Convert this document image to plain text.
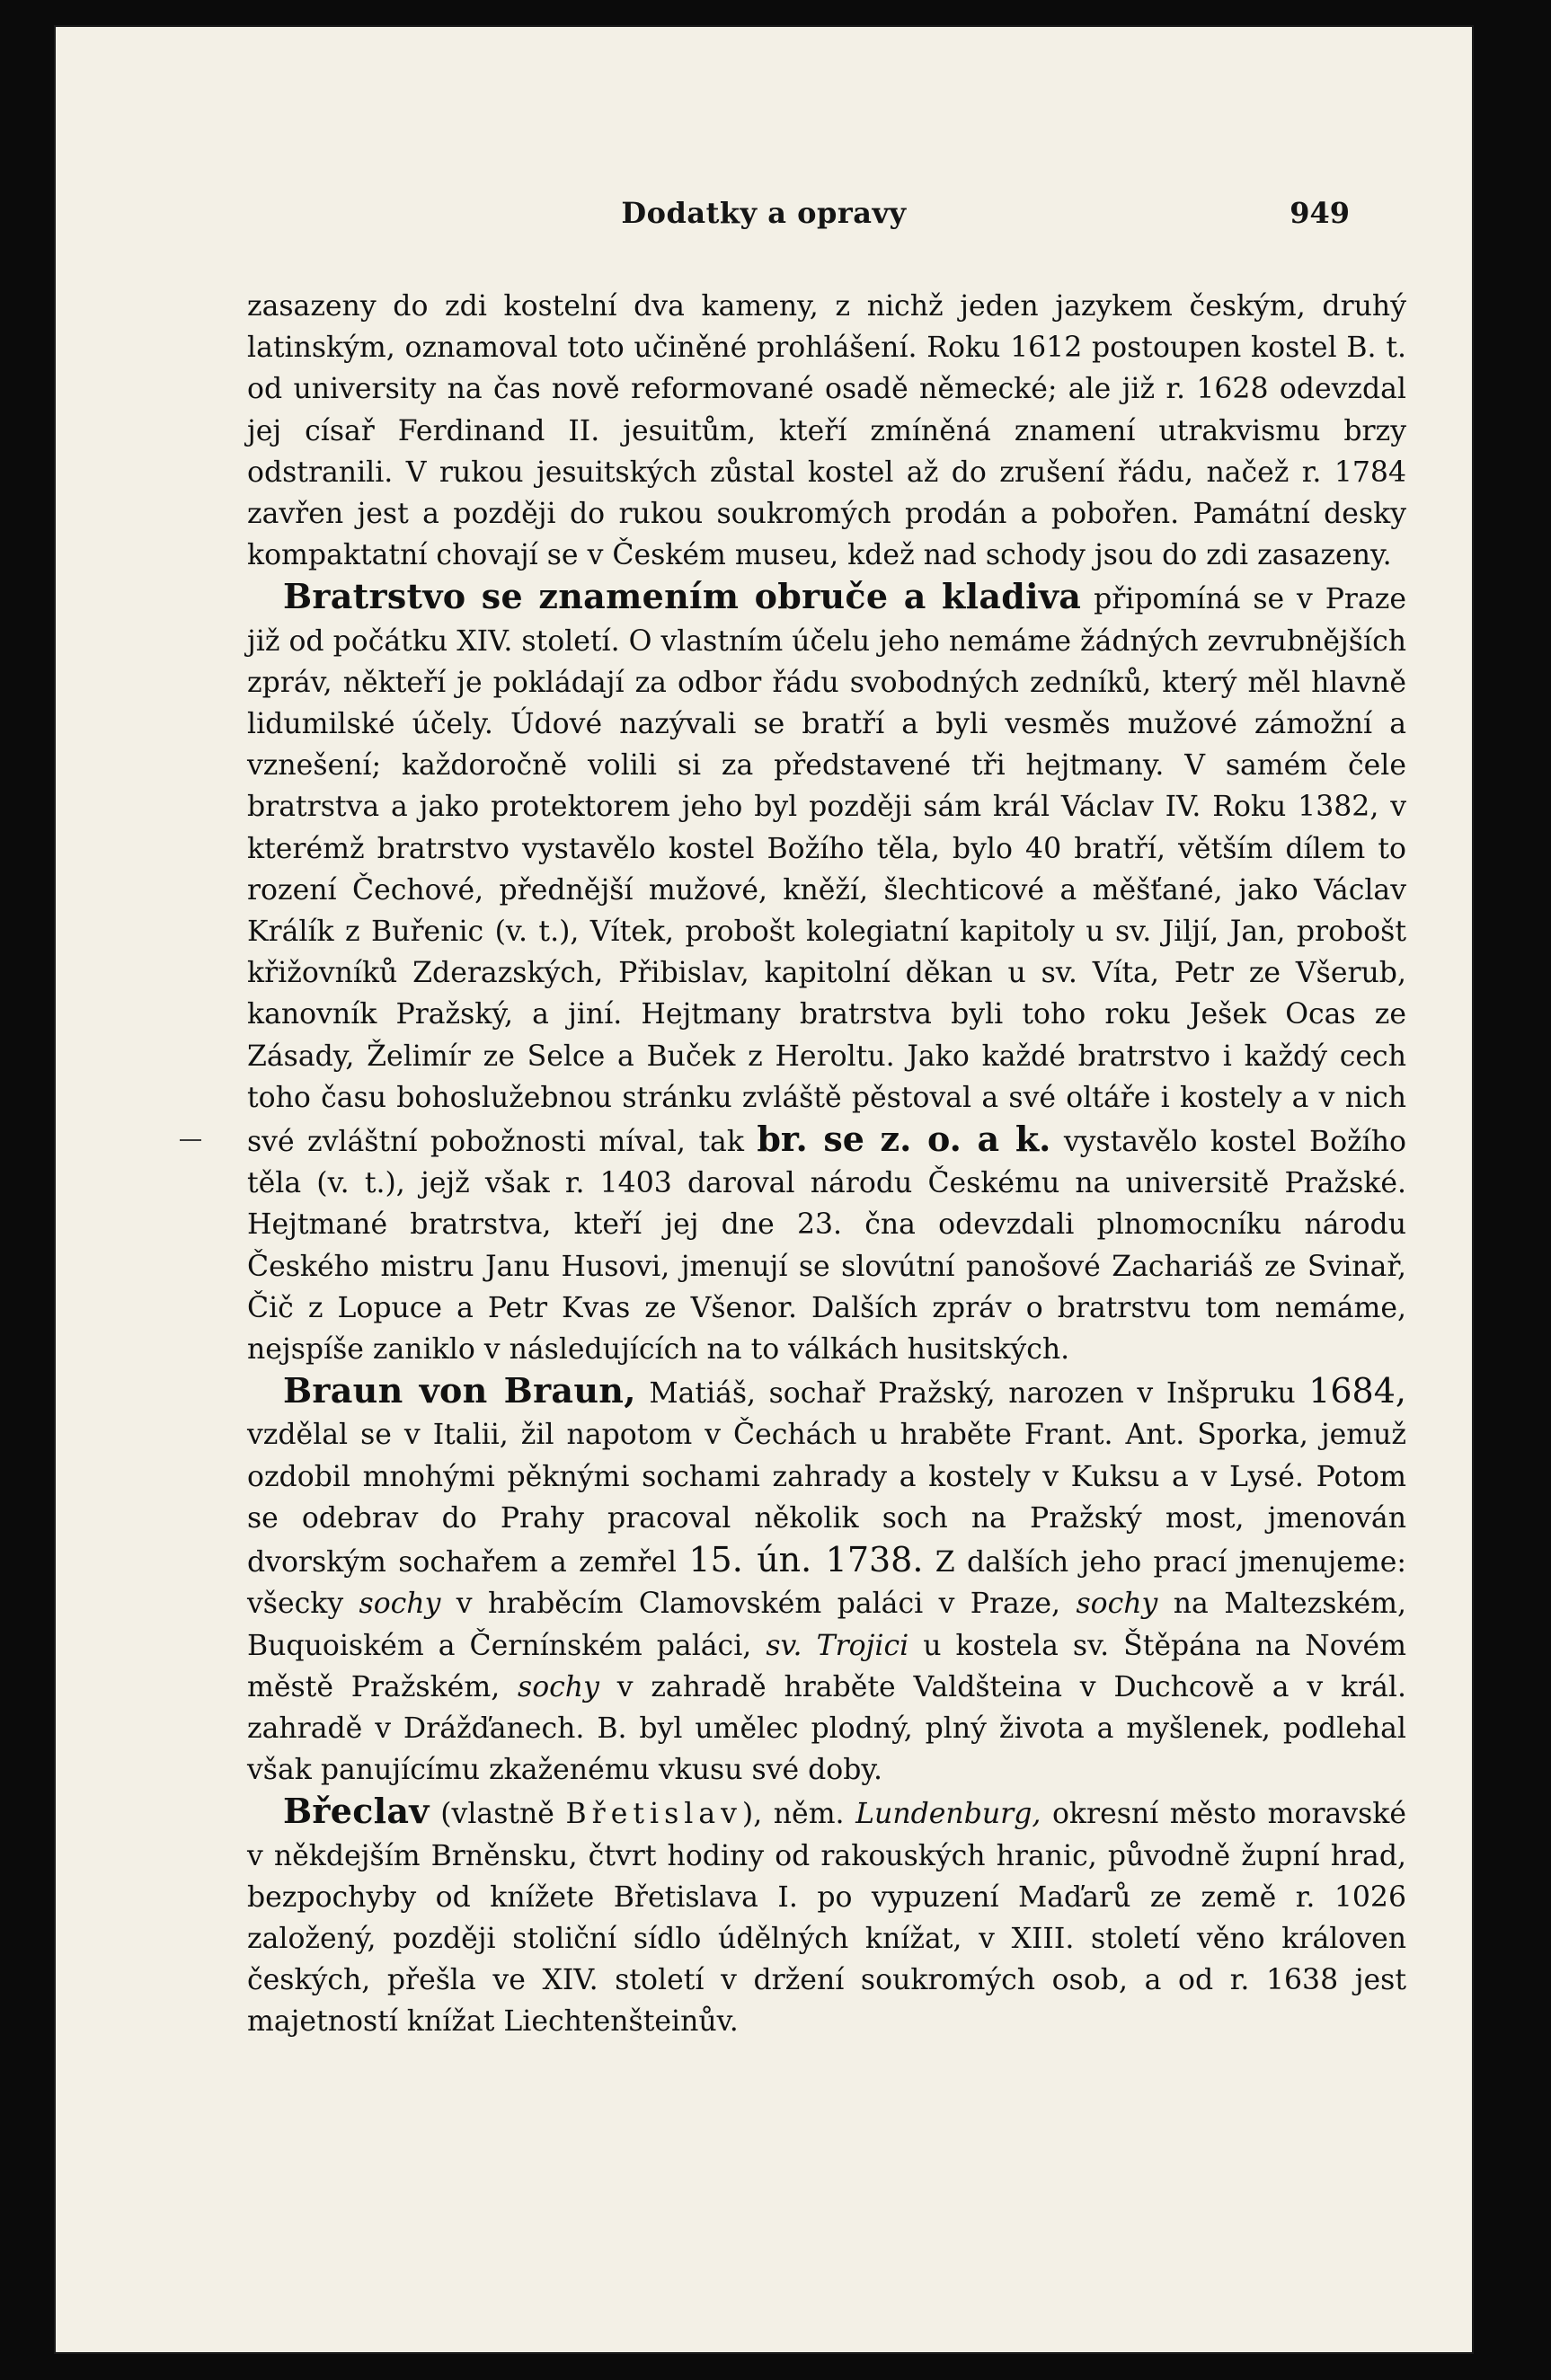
Dodatky a opravy	949

zasazeny do zdi kostelní dva kameny, z nichž jeden jazykem českým, druhý latinským, oznamoval toto učiněné prohlášení. Roku 1612 postoupen kostel B. t. od university na čas nově reformované osadě německé; ale již r. 1628 odevzdal jej císař Ferdinand II. jesuitům, kteří zmíněná znamení utrakvismu brzy odstranili. V rukou jesuitských zůstal kostel až do zrušení řádu, načež r. 1784 zavřen jest a později do rukou soukromých prodán a pobořen. Památní desky kompaktatní chovají se v Českém museu, kdež nad schody jsou do zdi zasazeny.

Bratrstvo se znamením obruče a kladiva připomíná se v Praze již od počátku XIV. století. O vlastním účelu jeho nemáme žádných zevrubnějších zpráv, někteří je pokládají za odbor řádu svobodných zedníků, který měl hlavně lidumilské účely. Údové nazývali se bratří a byli vesměs mužové zámožní a vznešení; každoročně volili si za představené tři hejtmany. V samém čele bratrstva a jako protektorem jeho byl později sám král Václav IV. Roku 1382, v kterémž bratrstvo vystavělo kostel Božího těla, bylo 40 bratří, větším dílem to rození Čechové, přednější mužové, kněží, šlechticové a měšťané, jako Václav Králík z Buřenic (v. t.), Vítek, probošt kolegiatní kapitoly u sv. Jiljí, Jan, probošt křižovníků Zderazských, Přibislav, kapitolní děkan u sv. Víta, Petr ze Všerub, kanovník Pražský, a jiní. Hejtmany bratrstva byli toho roku Ješek Ocas ze Zásady, Želimír ze Selce a Buček z Heroltu. Jako každé bratrstvo i každý cech toho času bohoslužebnou stránku zvláště pěstoval a své oltáře i kostely a v nich své zvláštní pobožnosti míval, tak br. se z. o. a k. vystavělo kostel Božího těla (v. t.), jejž však r. 1403 daroval národu Českému na universitě Pražské. Hejtmané bratrstva, kteří jej dne 23. čna odevzdali plnomocníku národu Českého mistru Janu Husovi, jmenují se slovútní panošové Zachariáš ze Svinař, Čič z Lopuce a Petr Kvas ze Všenor. Dalších zpráv o bratrstvu tom nemáme, nejspíše zaniklo v následujících na to válkách husitských.

Braun von Braun, Matiáš, sochař Pražský, narozen v Inšpruku 1684, vzdělal se v Italii, žil napotom v Čechách u hraběte Frant. Ant. Sporka, jemuž ozdobil mnohými pěknými sochami zahrady a kostely v Kuksu a v Lysé. Potom se odebrav do Prahy pracoval několik soch na Pražský most, jmenován dvorským sochařem a zemřel 15. ún. 1738. Z dalších jeho prací jmenujeme: všecky sochy v hraběcím Clamovském paláci v Praze, sochy na Maltezském, Buquoiském a Černínském paláci, sv. Trojici u kostela sv. Štěpána na Novém městě Pražském, sochy v zahradě hraběte Valdšteina v Duchcově a v král. zahradě v Drážďanech. B. byl umělec plodný, plný života a myšlenek, podlehal však panujícímu zkaženému vkusu své doby.

Břeclav (vlastně Břetislav), něm. Lundenburg, okresní město moravské v někdejším Brněnsku, čtvrt hodiny od rakouských hranic, původně župní hrad, bezpochyby od knížete Břetislava I. po vypuzení Maďarů ze země r. 1026 založený, později stoliční sídlo údělných knížat, v XIII. století věno královen českých, přešla ve XIV. století v držení soukromých osob, a od r. 1638 jest majetností knížat Liechtenšteinův.
